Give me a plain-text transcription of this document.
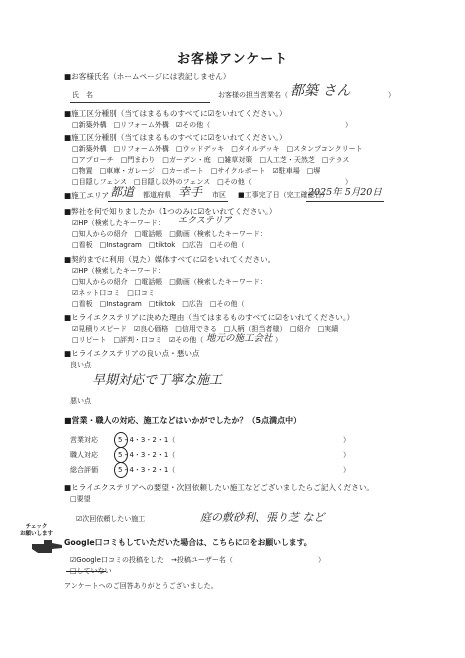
お客様アンケート
■お客様氏名（ホームページには表記しません）
氏　名	お客様の担当営業名（ 都築 さん	）
■施工区分種別（当てはまるものすべてに☑をいれてください。）
□新築外構　□リフォーム外構　☑その他（	）
■施工区分種別（当てはまるものすべてに☑をいれてください。）
□新築外構　□リフォーム外構　□ウッドデッキ　□タイルデッキ　□スタンプコンクリート
□アプローチ　□門まわり　□ガーデン・庭　□雑草対策　□人工芝・天然芝　□テラス
□物置　□車庫・ガレージ　□カーポート　□サイクルポート　☑駐車場　□塀
□目隠しフェンス　□目隠し以外のフェンス　□その他（	）
■施工エリア 都道 都道府県 幸手 市区 ■工事完了日（完工確認日）
2025年 5月20日
■弊社を何で知りましたか（1つのみに☑をいれてください。）
☑HP（検索したキーワード： エクステリア
□知人からの紹介　□電話帳　□動画（検索したキーワード：
□看板　□Instagram　□tiktok　□広告　□その他（
■契約までに利用（見た）媒体すべてに☑をいれてください。
☑HP（検索したキーワード：
□知人からの紹介　□電話帳　□動画（検索したキーワード：
☑ネット口コミ　□口コミ
□看板　□Instagram　□tiktok　□広告　□その他（
■ヒライエクステリアに決めた理由（当てはまるものすべてに☑をいれてください。）
☑見積りスピード　☑良心価格　□信用できる　□人柄（担当者様）　□紹介　□実績
□リピート　□評判・口コミ　☑その他（ 地元の施工会社 ）
■ヒライエクステリアの良い点・悪い点
良い点
早期対応で丁寧な施工
悪い点
■営業・職人の対応、施工などはいかがでしたか？（5点満点中）
営業対応	5・4・3・2・1（	）
職人対応	5・4・3・2・1（	）
総合評価	5・4・3・2・1（	）
■ヒライエクステリアへの要望・次回依頼したい施工などございましたらご記入ください。
□要望
☑次回依頼したい施工	庭の敷砂利、張り芝 など
チェック
お願いします
Google口コミもしていただいた場合は、こちらに☑をお願いします。
☑Google口コミの投稿をした　→投稿ユーザー名（	）
□していない
アンケートへのご回答ありがとうございました。
